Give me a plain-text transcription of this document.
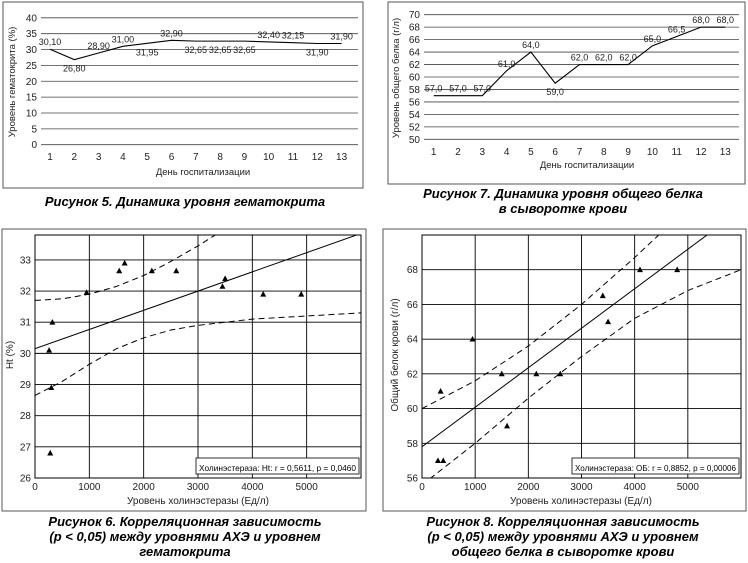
0
5
10
15
20
25
30
35
40
1 2 3 4 5 6 7 8 9 10 11 12 13
30,10
26,80
28,90
31,00
31,95
32,90
32,65 32,65 32,65
32,40 32,15
31,90
31,90
День госпитализации
Уровень гематокрита (%)
Рисунок 5. Динамика уровня гематокрита
50
52
54
56
58
60
62
64
66
68
70
1 2 3 4 5 6 7 8 9 10 11 12 13
57,0 57,0 57,0
61,0
64,0
59,0
62,0 62,0 62,0
65,0
66,5
68,0 68,0
День госпитализации
Уровень общего белка (г/л)
Рисунок 7. Динамика уровня общего белка
в сыворотке крови
0	1000	2000	3000	4000	5000
26
27
28
29
30
31
32
33
Холинэстераза: Ht: r = 0,5611, p = 0,0460
Уровень холинэстеразы (Ед/л)
Ht (%)
Рисунок 6. Корреляционная зависимость
(p < 0,05) между уровнями АХЭ и уровнем
гематокрита
0	1000	2000	3000	4000	5000
56
58
60
62
64
66
68
Холинэстераза: ОБ: r = 0,8852, p = 0,00006
Уровень холинэстеразы (Ед/л)
Общий белок крови (г/л)
Рисунок 8. Корреляционная зависимость
(p < 0,05) между уровнями АХЭ и уровнем
общего белка в сыворотке крови
